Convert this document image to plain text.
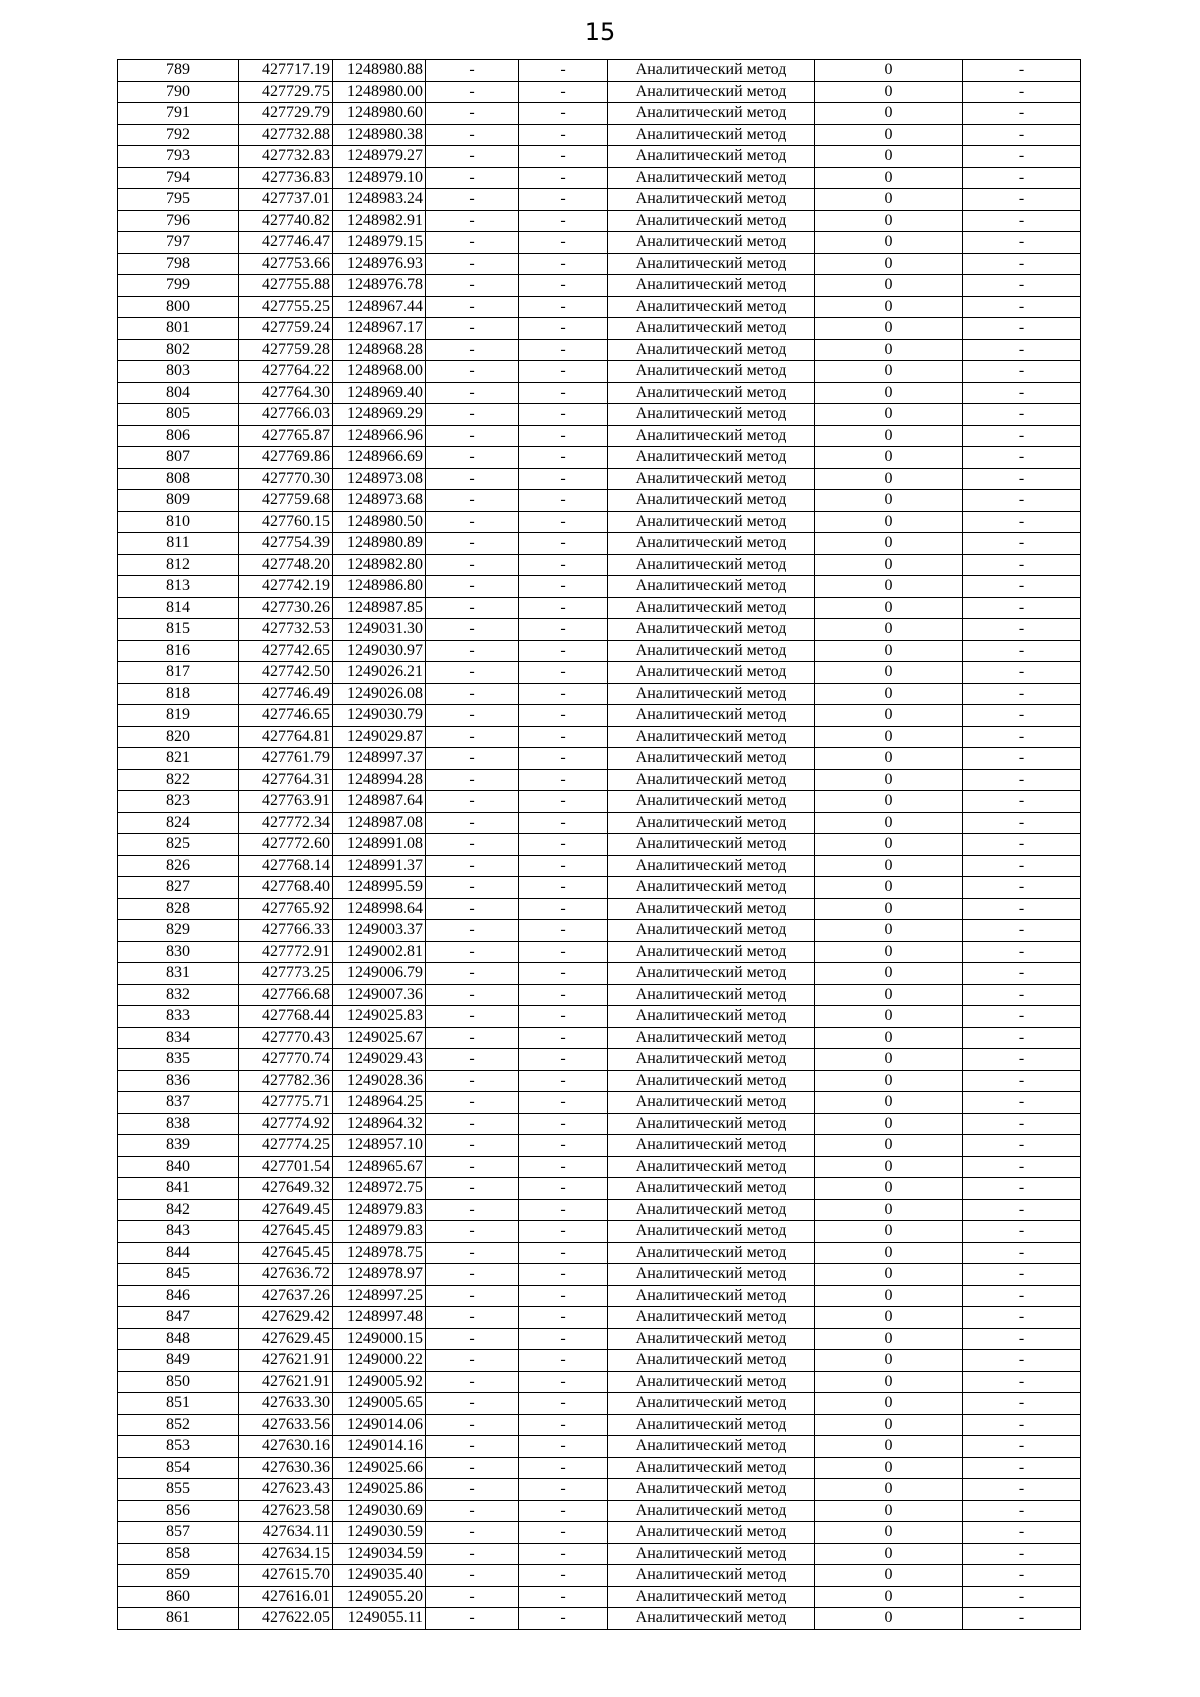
15
789	427717.19	1248980.88	-	-	Аналитический метод	0	-
790	427729.75	1248980.00	-	-	Аналитический метод	0	-
791	427729.79	1248980.60	-	-	Аналитический метод	0	-
792	427732.88	1248980.38	-	-	Аналитический метод	0	-
793	427732.83	1248979.27	-	-	Аналитический метод	0	-
794	427736.83	1248979.10	-	-	Аналитический метод	0	-
795	427737.01	1248983.24	-	-	Аналитический метод	0	-
796	427740.82	1248982.91	-	-	Аналитический метод	0	-
797	427746.47	1248979.15	-	-	Аналитический метод	0	-
798	427753.66	1248976.93	-	-	Аналитический метод	0	-
799	427755.88	1248976.78	-	-	Аналитический метод	0	-
800	427755.25	1248967.44	-	-	Аналитический метод	0	-
801	427759.24	1248967.17	-	-	Аналитический метод	0	-
802	427759.28	1248968.28	-	-	Аналитический метод	0	-
803	427764.22	1248968.00	-	-	Аналитический метод	0	-
804	427764.30	1248969.40	-	-	Аналитический метод	0	-
805	427766.03	1248969.29	-	-	Аналитический метод	0	-
806	427765.87	1248966.96	-	-	Аналитический метод	0	-
807	427769.86	1248966.69	-	-	Аналитический метод	0	-
808	427770.30	1248973.08	-	-	Аналитический метод	0	-
809	427759.68	1248973.68	-	-	Аналитический метод	0	-
810	427760.15	1248980.50	-	-	Аналитический метод	0	-
811	427754.39	1248980.89	-	-	Аналитический метод	0	-
812	427748.20	1248982.80	-	-	Аналитический метод	0	-
813	427742.19	1248986.80	-	-	Аналитический метод	0	-
814	427730.26	1248987.85	-	-	Аналитический метод	0	-
815	427732.53	1249031.30	-	-	Аналитический метод	0	-
816	427742.65	1249030.97	-	-	Аналитический метод	0	-
817	427742.50	1249026.21	-	-	Аналитический метод	0	-
818	427746.49	1249026.08	-	-	Аналитический метод	0	-
819	427746.65	1249030.79	-	-	Аналитический метод	0	-
820	427764.81	1249029.87	-	-	Аналитический метод	0	-
821	427761.79	1248997.37	-	-	Аналитический метод	0	-
822	427764.31	1248994.28	-	-	Аналитический метод	0	-
823	427763.91	1248987.64	-	-	Аналитический метод	0	-
824	427772.34	1248987.08	-	-	Аналитический метод	0	-
825	427772.60	1248991.08	-	-	Аналитический метод	0	-
826	427768.14	1248991.37	-	-	Аналитический метод	0	-
827	427768.40	1248995.59	-	-	Аналитический метод	0	-
828	427765.92	1248998.64	-	-	Аналитический метод	0	-
829	427766.33	1249003.37	-	-	Аналитический метод	0	-
830	427772.91	1249002.81	-	-	Аналитический метод	0	-
831	427773.25	1249006.79	-	-	Аналитический метод	0	-
832	427766.68	1249007.36	-	-	Аналитический метод	0	-
833	427768.44	1249025.83	-	-	Аналитический метод	0	-
834	427770.43	1249025.67	-	-	Аналитический метод	0	-
835	427770.74	1249029.43	-	-	Аналитический метод	0	-
836	427782.36	1249028.36	-	-	Аналитический метод	0	-
837	427775.71	1248964.25	-	-	Аналитический метод	0	-
838	427774.92	1248964.32	-	-	Аналитический метод	0	-
839	427774.25	1248957.10	-	-	Аналитический метод	0	-
840	427701.54	1248965.67	-	-	Аналитический метод	0	-
841	427649.32	1248972.75	-	-	Аналитический метод	0	-
842	427649.45	1248979.83	-	-	Аналитический метод	0	-
843	427645.45	1248979.83	-	-	Аналитический метод	0	-
844	427645.45	1248978.75	-	-	Аналитический метод	0	-
845	427636.72	1248978.97	-	-	Аналитический метод	0	-
846	427637.26	1248997.25	-	-	Аналитический метод	0	-
847	427629.42	1248997.48	-	-	Аналитический метод	0	-
848	427629.45	1249000.15	-	-	Аналитический метод	0	-
849	427621.91	1249000.22	-	-	Аналитический метод	0	-
850	427621.91	1249005.92	-	-	Аналитический метод	0	-
851	427633.30	1249005.65	-	-	Аналитический метод	0	-
852	427633.56	1249014.06	-	-	Аналитический метод	0	-
853	427630.16	1249014.16	-	-	Аналитический метод	0	-
854	427630.36	1249025.66	-	-	Аналитический метод	0	-
855	427623.43	1249025.86	-	-	Аналитический метод	0	-
856	427623.58	1249030.69	-	-	Аналитический метод	0	-
857	427634.11	1249030.59	-	-	Аналитический метод	0	-
858	427634.15	1249034.59	-	-	Аналитический метод	0	-
859	427615.70	1249035.40	-	-	Аналитический метод	0	-
860	427616.01	1249055.20	-	-	Аналитический метод	0	-
861	427622.05	1249055.11	-	-	Аналитический метод	0	-
